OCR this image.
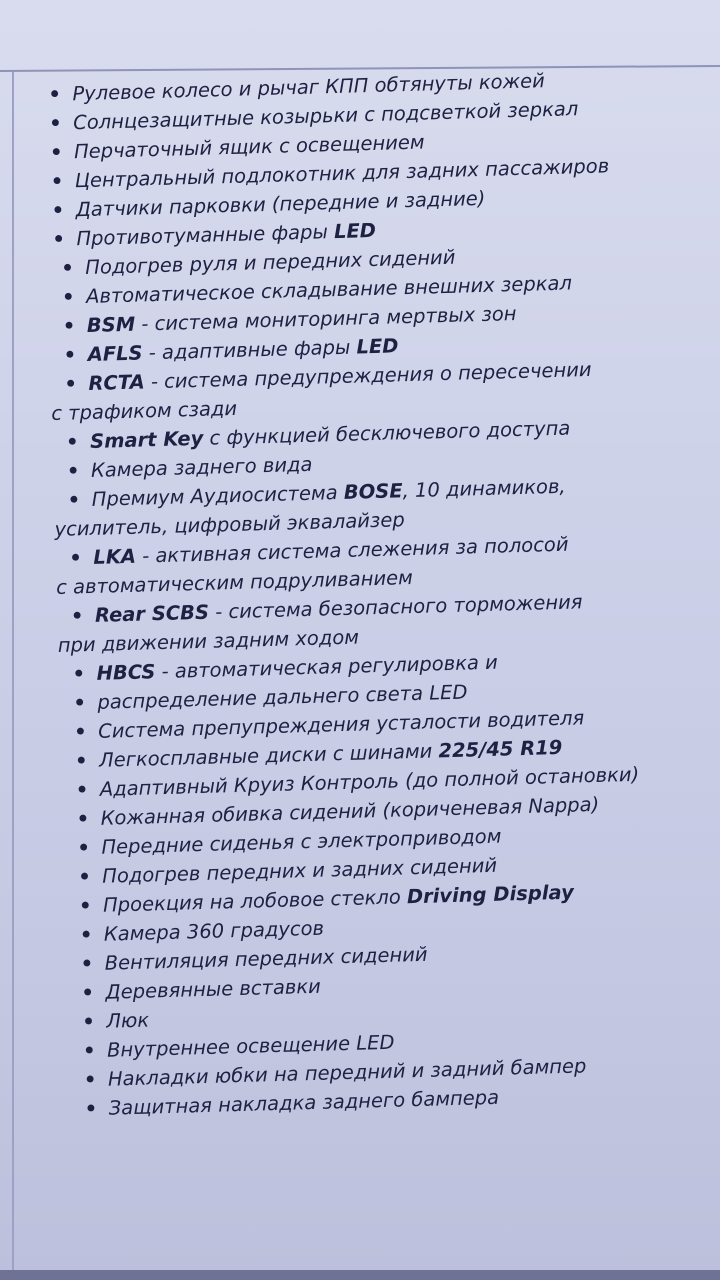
• Рулевое колесо и рычаг КПП обтянуты кожей
• Солнцезащитные козырьки с подсветкой зеркал
• Перчаточный ящик с освещением
• Центральный подлокотник для задних пассажиров
• Датчики парковки (передние и задние)
• Противотуманные фары LED
• Подогрев руля и передних сидений
• Автоматическое складывание внешних зеркал
• BSM - система мониторинга мертвых зон
• AFLS - адаптивные фары LED
• RCTA - система предупреждения о пересечении
с трафиком сзади
• Smart Key с функцией бесключевого доступа
• Камера заднего вида
• Премиум Аудиосистема BOSE, 10 динамиков,
усилитель, цифровый эквалайзер
• LKA - активная система слежения за полосой
с автоматическим подруливанием
• Rear SCBS - система безопасного торможения
при движении задним ходом
• HBCS - автоматическая регулировка и
• распределение дальнего света LED
• Система препупреждения усталости водителя
• Легкосплавные диски с шинами 225/45 R19
• Адаптивный Круиз Контроль (до полной остановки)
• Кожанная обивка сидений (кориченевая Nappa)
• Передние сиденья с электроприводом
• Подогрев передних и задних сидений
• Проекция на лобовое стекло Driving Display
• Камера 360 градусов
• Вентиляция передних сидений
• Деревянные вставки
• Люк
• Внутреннее освещение LED
• Накладки юбки на передний и задний бампер
• Защитная накладка заднего бампера
